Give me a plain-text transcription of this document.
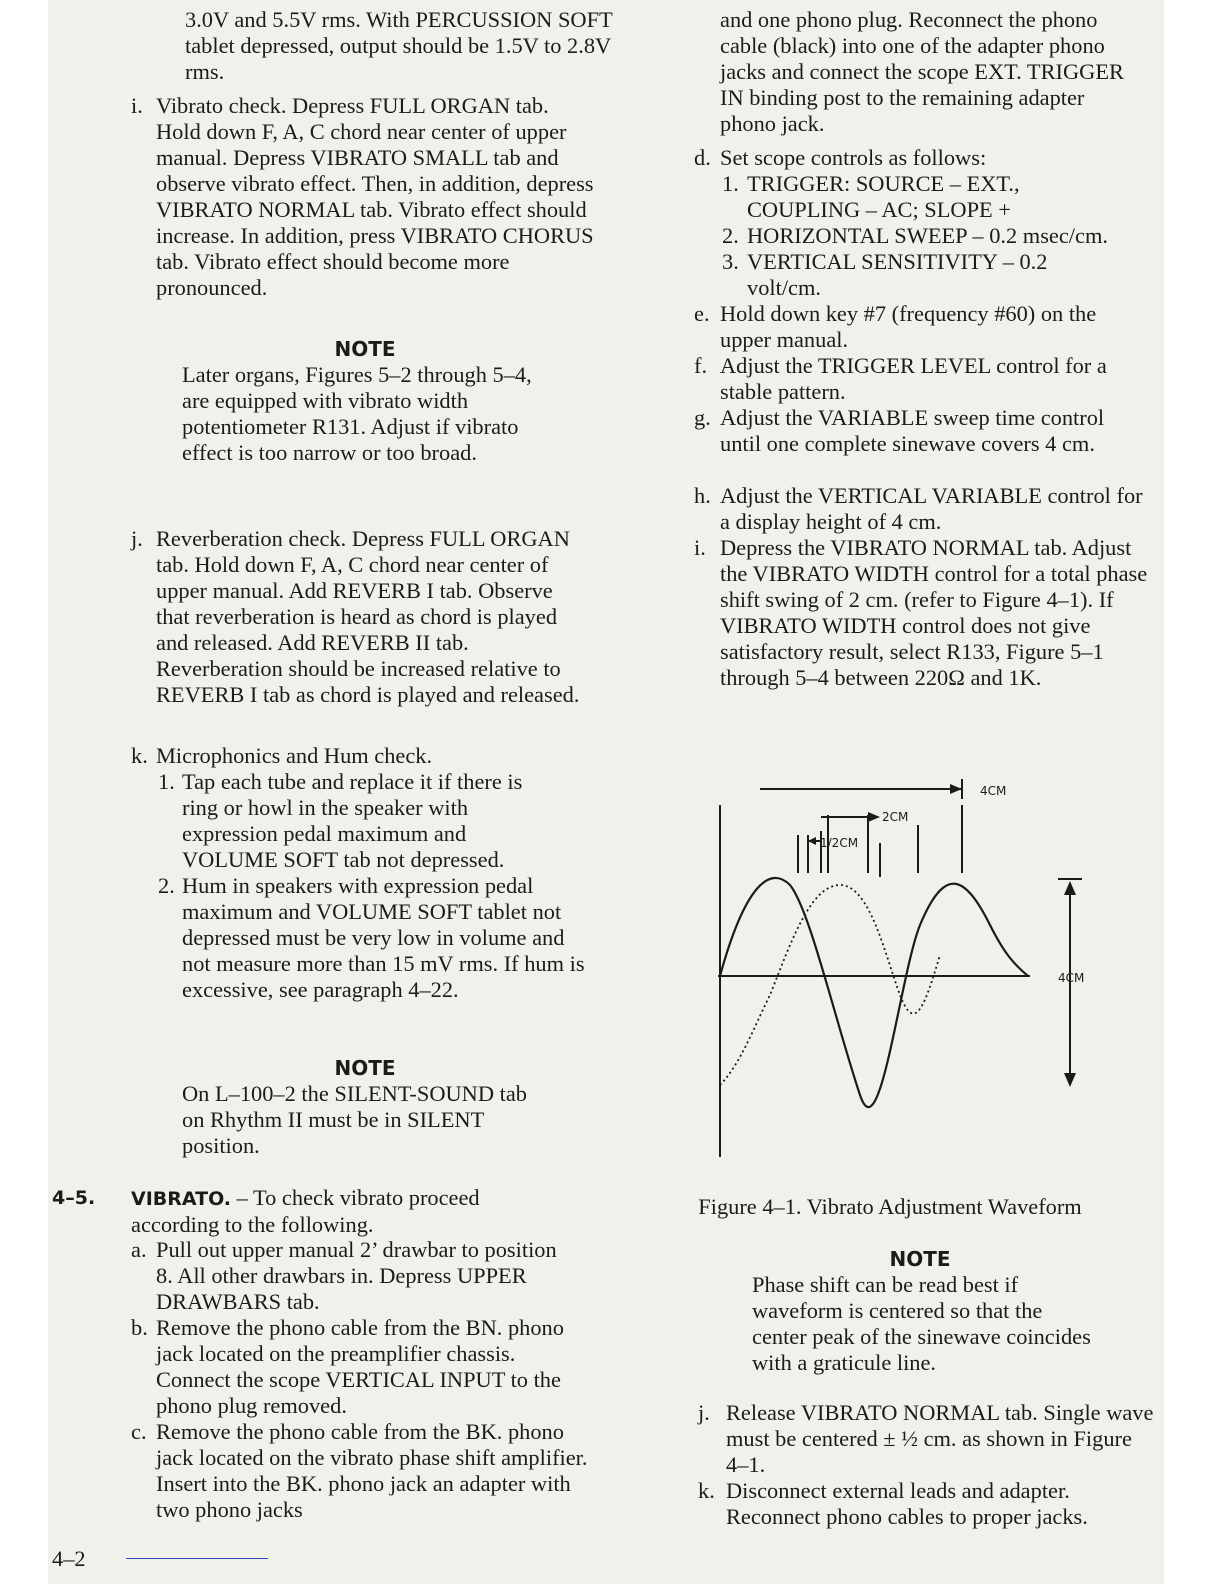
3.0V and 5.5V rms. With PERCUSSION SOFT tablet depressed, output should be 1.5V to 2.8V rms.
i. Vibrato check. Depress FULL ORGAN tab. Hold down F, A, C chord near center of upper manual. Depress VIBRATO SMALL tab and observe vibrato effect. Then, in addition, depress VIBRATO NORMAL tab. Vibrato effect should increase. In addition, press VIBRATO CHORUS tab. Vibrato effect should become more pronounced.
NOTE
Later organs, Figures 5–2 through 5–4, are equipped with vibrato width potentiometer R131. Adjust if vibrato effect is too narrow or too broad.
j. Reverberation check. Depress FULL ORGAN tab. Hold down F, A, C chord near center of upper manual. Add REVERB I tab. Observe that reverberation is heard as chord is played and released. Add REVERB II tab. Reverberation should be increased relative to REVERB I tab as chord is played and released.
k. Microphonics and Hum check.
1. Tap each tube and replace it if there is ring or howl in the speaker with expression pedal maximum and VOLUME SOFT tab not depressed.
2. Hum in speakers with expression pedal maximum and VOLUME SOFT tablet not depressed must be very low in volume and not measure more than 15 mV rms. If hum is excessive, see paragraph 4–22.
NOTE
On L–100–2 the SILENT-SOUND tab on Rhythm II must be in SILENT position.
4–5. VIBRATO. – To check vibrato proceed according to the following.
a. Pull out upper manual 2’ drawbar to position 8. All other drawbars in. Depress UPPER DRAWBARS tab.
b. Remove the phono cable from the BN. phono jack located on the preamplifier chassis. Connect the scope VERTICAL INPUT to the phono plug removed.
c. Remove the phono cable from the BK. phono jack located on the vibrato phase shift amplifier. Insert into the BK. phono jack an adapter with two phono jacks
and one phono plug. Reconnect the phono cable (black) into one of the adapter phono jacks and connect the scope EXT. TRIGGER IN binding post to the remaining adapter phono jack.
d. Set scope controls as follows:
1. TRIGGER: SOURCE – EXT., COUPLING – AC; SLOPE +
2. HORIZONTAL SWEEP – 0.2 msec/cm.
3. VERTICAL SENSITIVITY – 0.2 volt/cm.
e. Hold down key #7 (frequency #60) on the upper manual.
f. Adjust the TRIGGER LEVEL control for a stable pattern.
g. Adjust the VARIABLE sweep time control until one complete sinewave covers 4 cm.
h. Adjust the VERTICAL VARIABLE control for a display height of 4 cm.
i. Depress the VIBRATO NORMAL tab. Adjust the VIBRATO WIDTH control for a total phase shift swing of 2 cm. (refer to Figure 4–1). If VIBRATO WIDTH control does not give satisfactory result, select R133, Figure 5–1 through 5–4 between 220Ω and 1K.
4CM
2CM
1/2CM
4CM
Figure 4–1. Vibrato Adjustment Waveform
NOTE
Phase shift can be read best if waveform is centered so that the center peak of the sinewave coincides with a graticule line.
j. Release VIBRATO NORMAL tab. Single wave must be centered ± ½ cm. as shown in Figure 4–1.
k. Disconnect external leads and adapter. Reconnect phono cables to proper jacks.
4–2
